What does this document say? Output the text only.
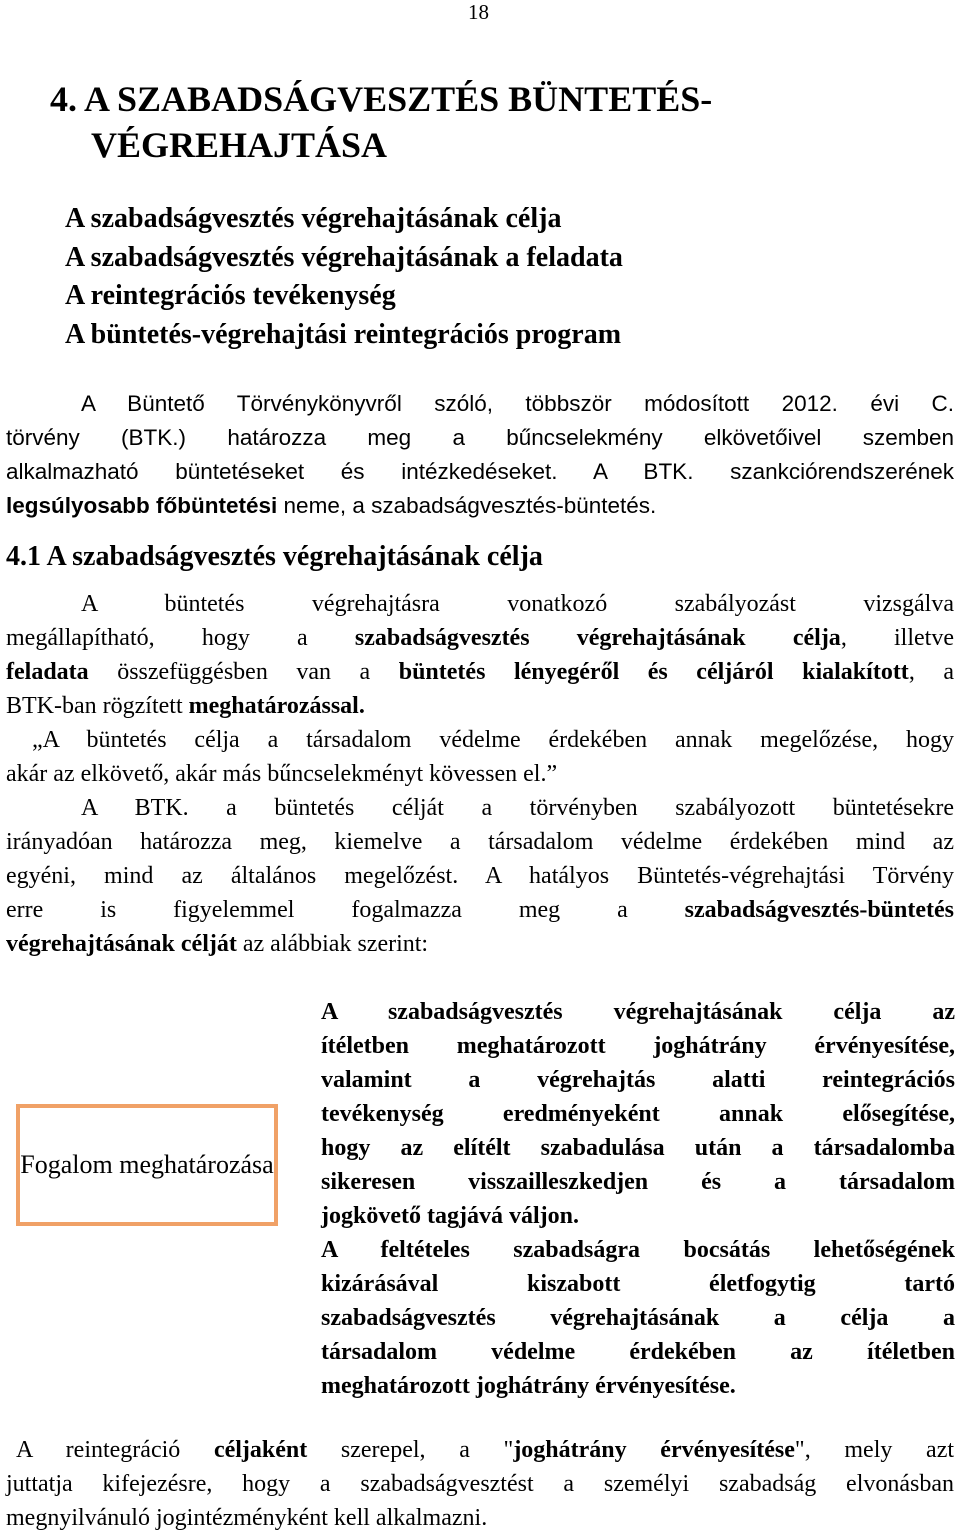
18
4. A SZABADSÁGVESZTÉS BÜNTETÉS-
VÉGREHAJTÁSA
A szabadságvesztés végrehajtásának célja
A szabadságvesztés végrehajtásának a feladata
A reintegrációs tevékenység
A büntetés-végrehajtási reintegrációs program
A Büntető Törvénykönyvről szóló, többször módosított 2012. évi C.
törvény (BTK.) határozza meg a bűncselekmény elkövetőivel szemben
alkalmazható büntetéseket és intézkedéseket. A BTK. szankciórendszerének
legsúlyosabb főbüntetési neme, a szabadságvesztés-büntetés.
4.1 A szabadságvesztés végrehajtásának célja
A büntetés végrehajtásra vonatkozó szabályozást vizsgálva
megállapítható, hogy a szabadságvesztés végrehajtásának célja, illetve
feladata összefüggésben van a büntetés lényegéről és céljáról kialakított, a
BTK-ban rögzített meghatározással.
„A büntetés célja a társadalom védelme érdekében annak megelőzése, hogy
akár az elkövető, akár más bűncselekményt kövessen el.”
A BTK. a büntetés célját a törvényben szabályozott büntetésekre
irányadóan határozza meg, kiemelve a társadalom védelme érdekében mind az
egyéni, mind az általános megelőzést. A hatályos Büntetés-végrehajtási Törvény
erre is figyelemmel fogalmazza meg a szabadságvesztés-büntetés
végrehajtásának célját az alábbiak szerint:
Fogalom meghatározása
A szabadságvesztés végrehajtásának célja az
ítéletben meghatározott joghátrány érvényesítése,
valamint a végrehajtás alatti reintegrációs
tevékenység eredményeként annak elősegítése,
hogy az elítélt szabadulása után a társadalomba
sikeresen visszailleszkedjen és a társadalom
jogkövető tagjává váljon.
A feltételes szabadságra bocsátás lehetőségének
kizárásával kiszabott életfogytig tartó
szabadságvesztés végrehajtásának a célja a
társadalom védelme érdekében az ítéletben
meghatározott joghátrány érvényesítése.
A reintegráció céljaként szerepel, a "joghátrány érvényesítése", mely azt
juttatja kifejezésre, hogy a szabadságvesztést a személyi szabadság elvonásban
megnyilvánuló jogintézményként kell alkalmazni.
